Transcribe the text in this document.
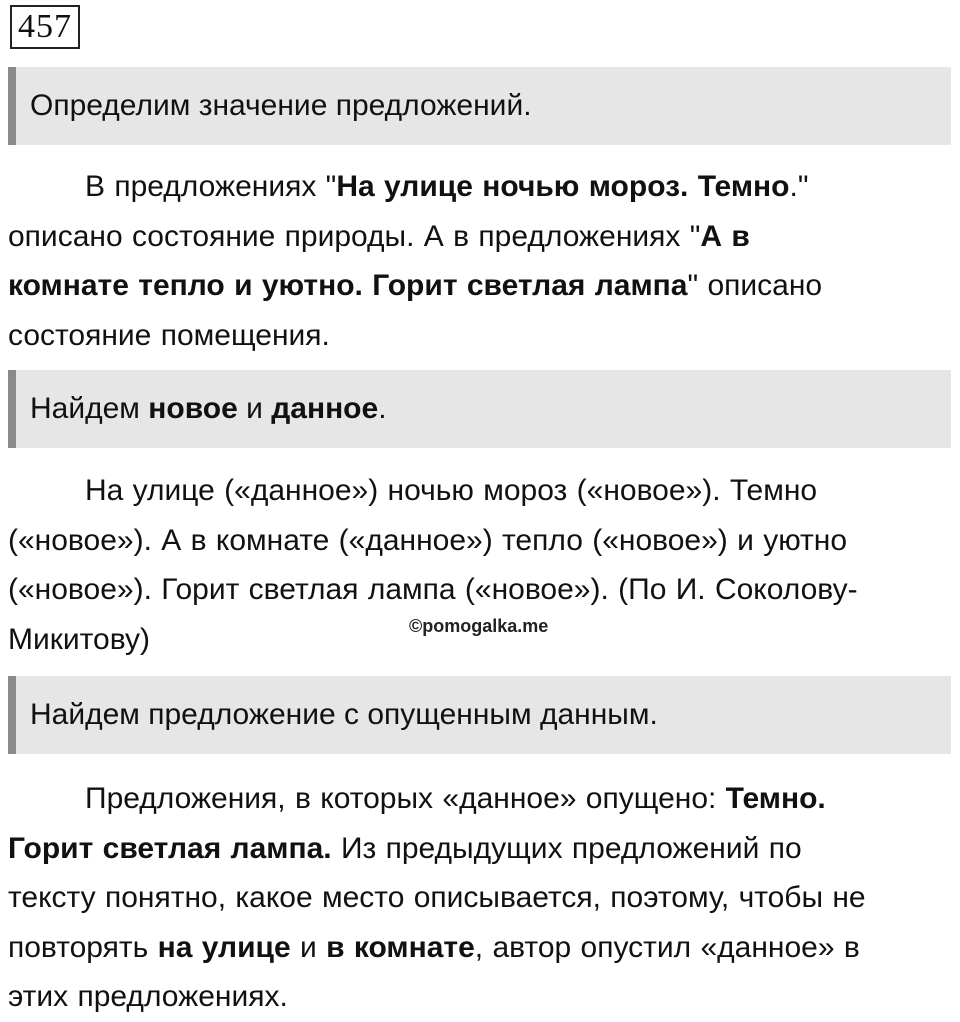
457
Определим значение предложений.
В предложениях "На улице ночью мороз. Темно."
описано состояние природы. А в предложениях "А в
комнате тепло и уютно. Горит светлая лампа" описано
состояние помещения.
Найдем новое и данное.
На улице («данное») ночью мороз («новое»). Темно
(«новое»). А в комнате («данное») тепло («новое») и уютно
(«новое»). Горит светлая лампа («новое»). (По И. Соколову-
Микитову)	©pomogalka.me
Найдем предложение с опущенным данным.
Предложения, в которых «данное» опущено: Темно.
Горит светлая лампа. Из предыдущих предложений по
тексту понятно, какое место описывается, поэтому, чтобы не
повторять на улице и в комнате, автор опустил «данное» в
этих предложениях.
